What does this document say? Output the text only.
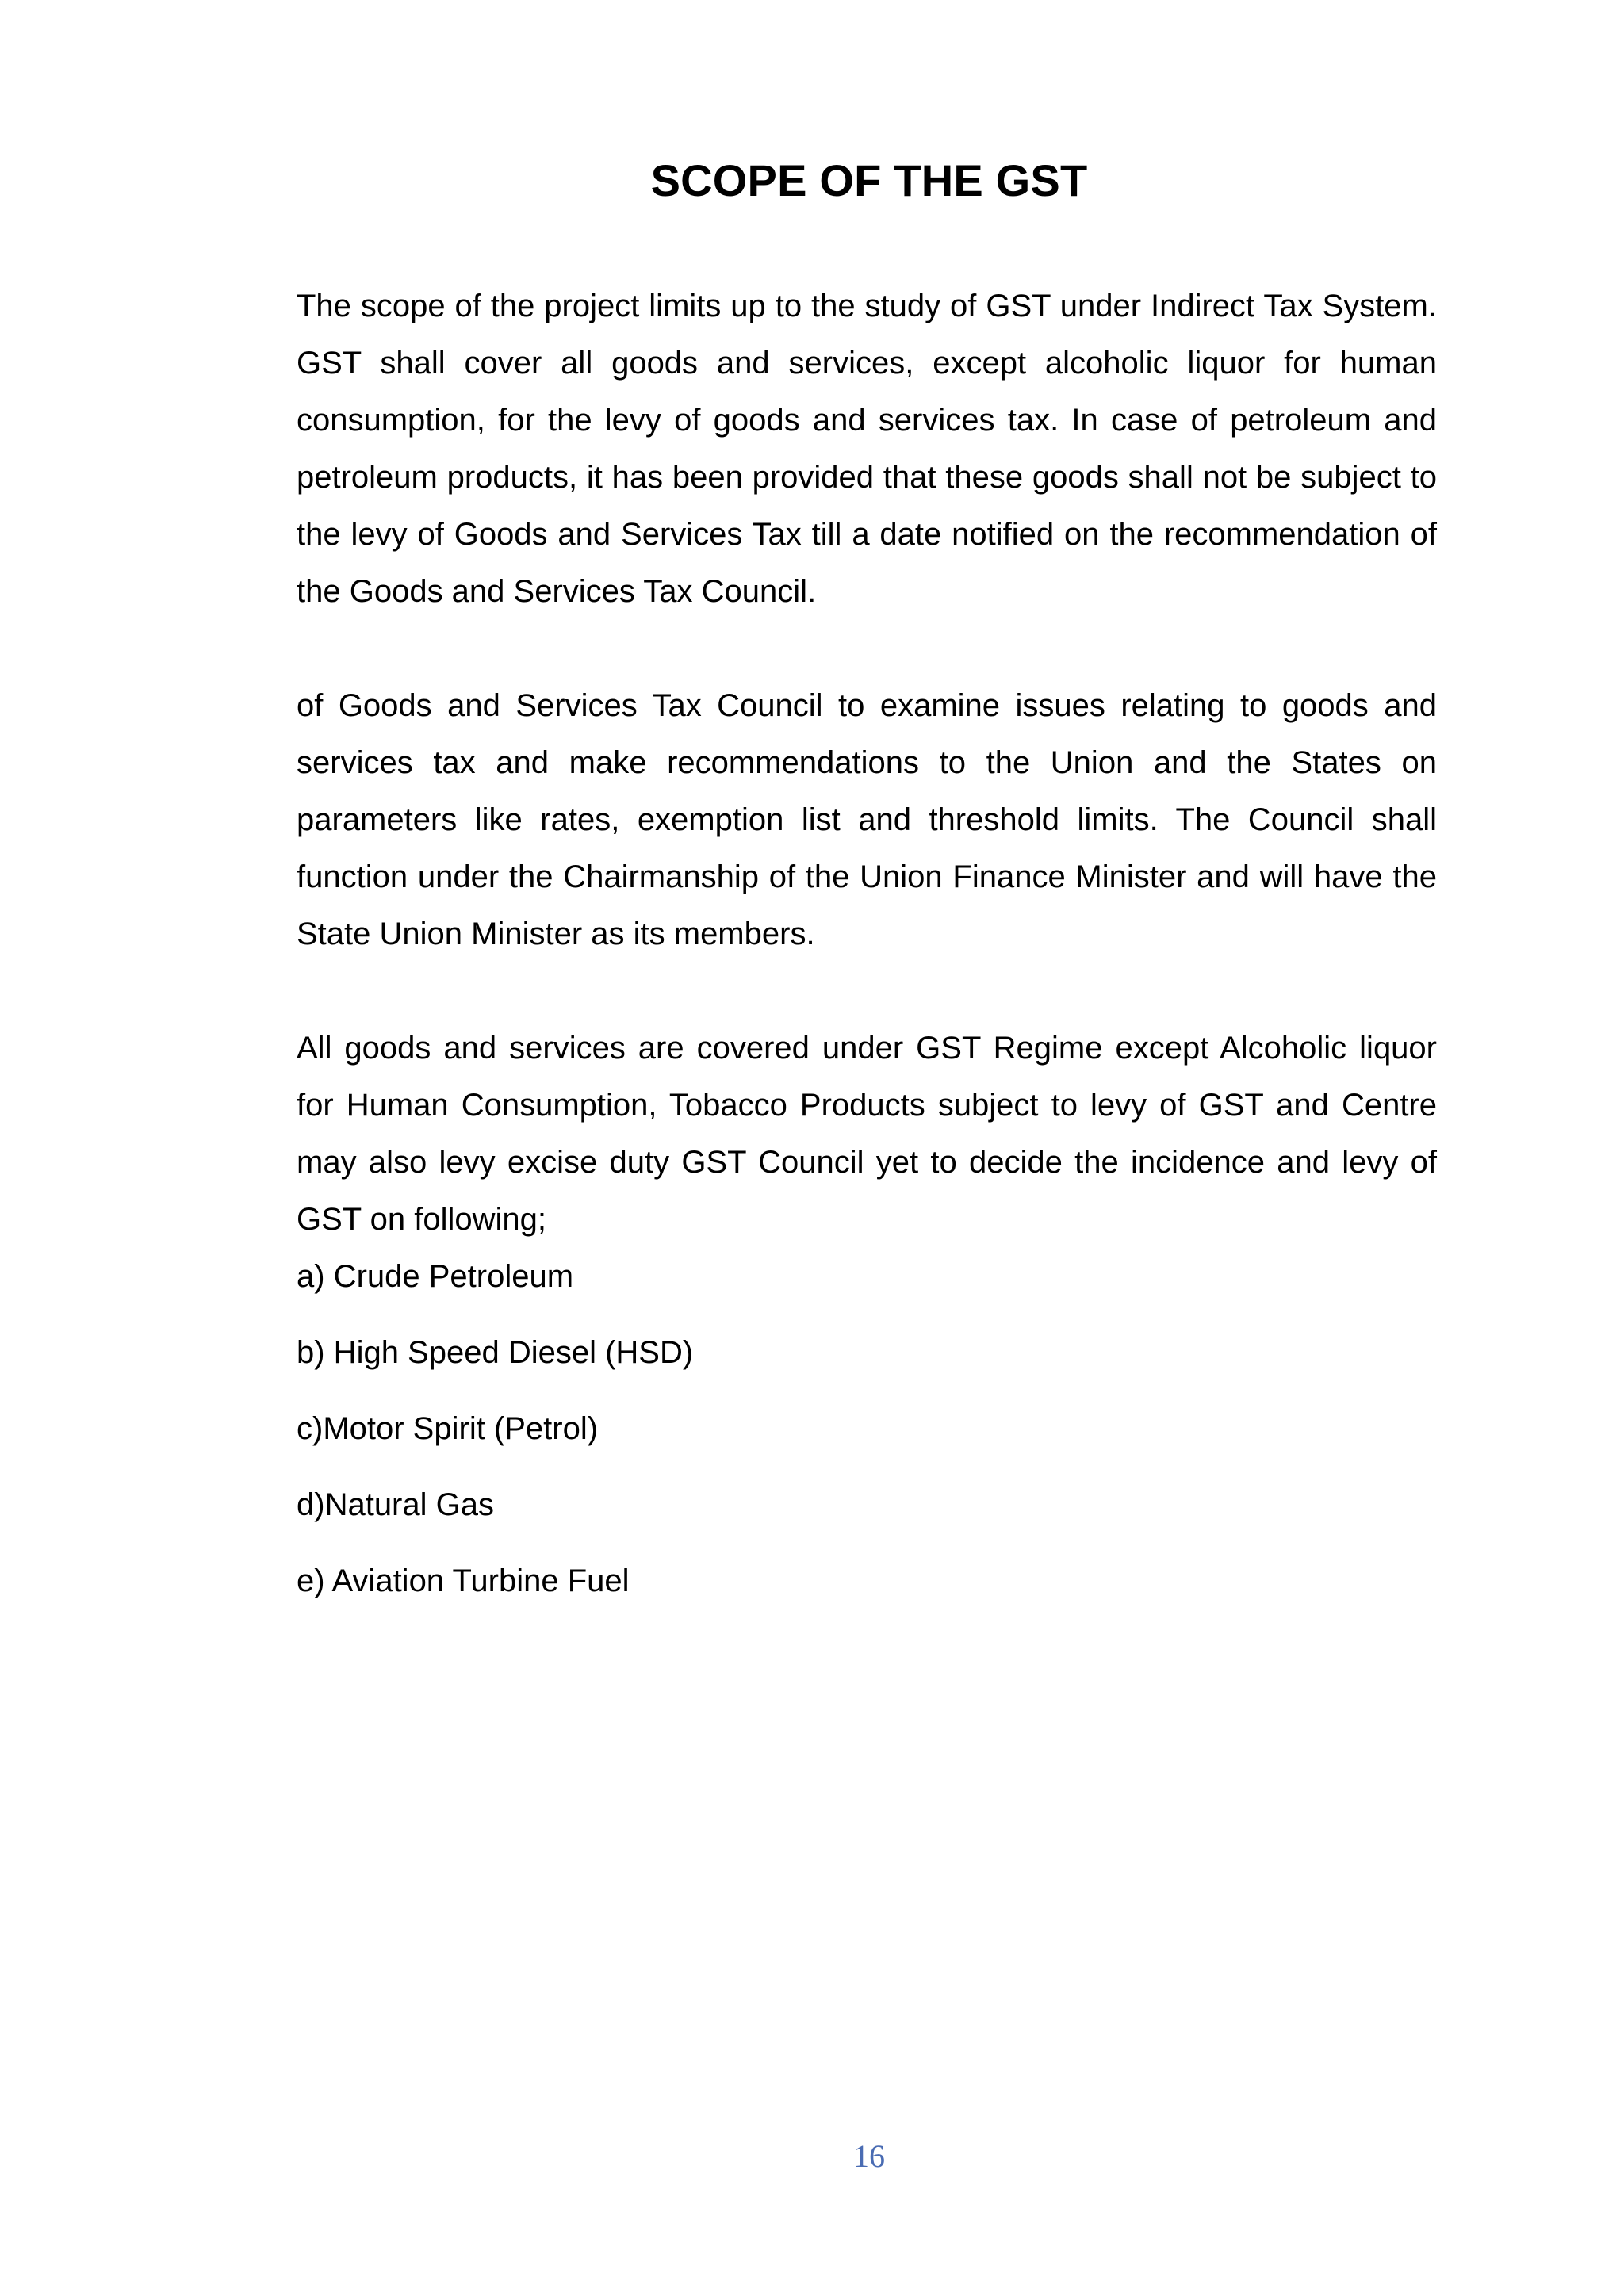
SCOPE OF THE GST

The scope of the project limits up to the study of GST under Indirect Tax System. GST shall cover all goods and services, except alcoholic liquor for human consumption, for the levy of goods and services tax. In case of petroleum and petroleum products, it has been provided that these goods shall not be subject to the levy of Goods and Services Tax till a date notified on the recommendation of the Goods and Services Tax Council.

of Goods and Services Tax Council to examine issues relating to goods and services tax and make recommendations to the Union and the States on parameters like rates, exemption list and threshold limits. The Council shall function under the Chairmanship of the Union Finance Minister and will have the State Union Minister as its members.

All goods and services are covered under GST Regime except Alcoholic liquor for Human Consumption, Tobacco Products subject to levy of GST and Centre may also levy excise duty GST Council yet to decide the incidence and levy of GST on following;

a) Crude Petroleum
b) High Speed Diesel (HSD)
c)Motor Spirit (Petrol)
d)Natural Gas
e) Aviation Turbine Fuel
16
